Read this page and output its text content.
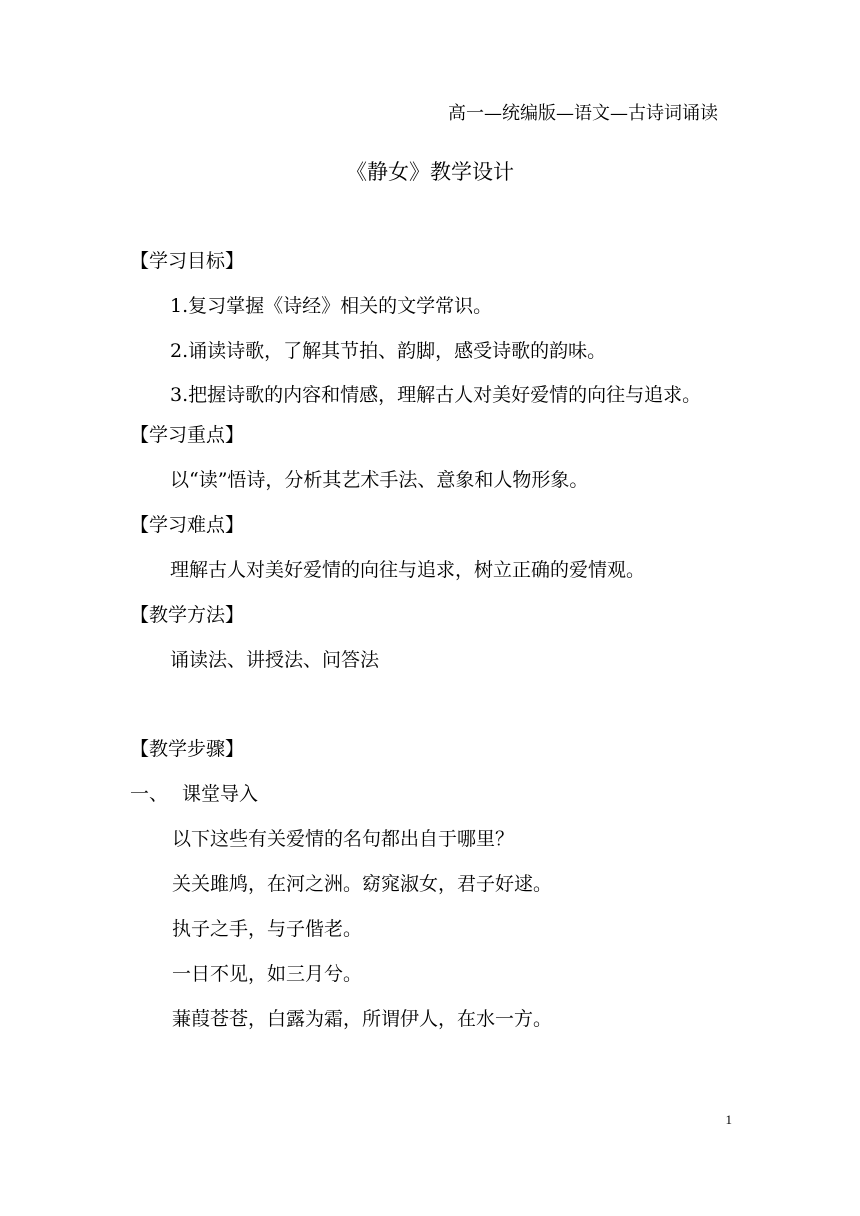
高一—统编版—语文—古诗词诵读
《静女》教学设计
【学习目标】
1.复习掌握《诗经》相关的文学常识。
2.诵读诗歌，了解其节拍、韵脚，感受诗歌的韵味。
3.把握诗歌的内容和情感，理解古人对美好爱情的向往与追求。
【学习重点】
以“读”悟诗，分析其艺术手法、意象和人物形象。
【学习难点】
理解古人对美好爱情的向往与追求，树立正确的爱情观。
【教学方法】
诵读法、讲授法、问答法
【教学步骤】
一、 课堂导入
以下这些有关爱情的名句都出自于哪里？
关关雎鸠，在河之洲。窈窕淑女，君子好逑。
执子之手，与子偕老。
一日不见，如三月兮。
蒹葭苍苍，白露为霜，所谓伊人，在水一方。
1
